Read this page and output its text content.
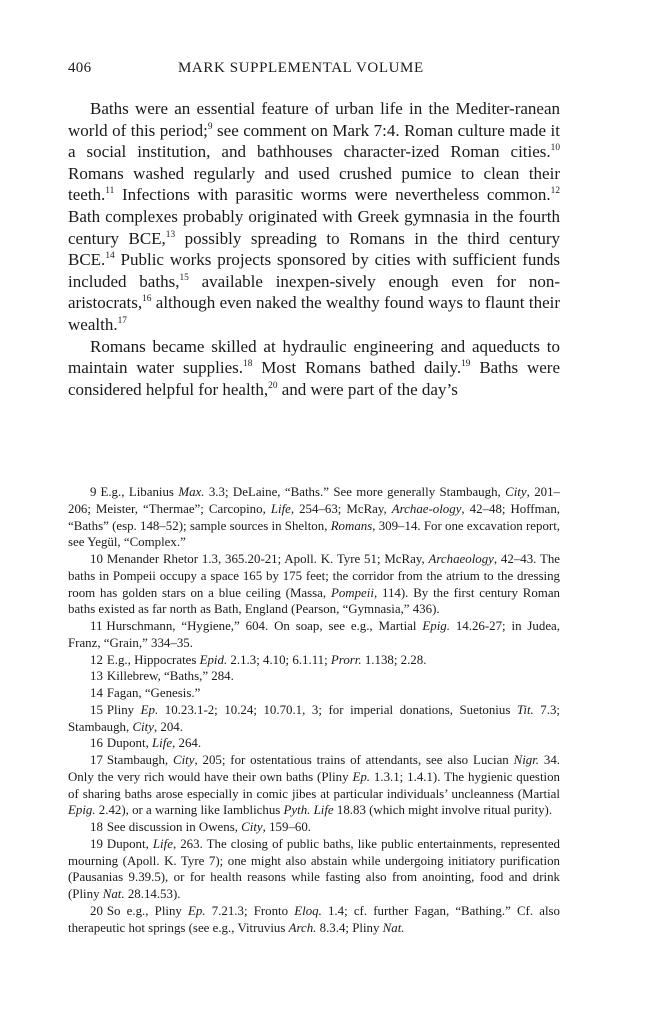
406	MARK SUPPLEMENTAL VOLUME

Baths were an essential feature of urban life in the Mediter-ranean world of this period;$^9$ see comment on Mark 7:4. Roman culture made it a social institution, and bathhouses character-ized Roman cities.$^{10}$ Romans washed regularly and used crushed pumice to clean their teeth.$^{11}$ Infections with parasitic worms were nevertheless common.$^{12}$ Bath complexes probably originated with Greek gymnasia in the fourth century BCE,$^{13}$ possibly spreading to Romans in the third century BCE.$^{14}$ Public works projects sponsored by cities with sufficient funds included baths,$^{15}$ available inexpen-sively enough even for non-aristocrats,$^{16}$ although even naked the wealthy found ways to flaunt their wealth.$^{17}$

Romans became skilled at hydraulic engineering and aqueducts to maintain water supplies.$^{18}$ Most Romans bathed daily.$^{19}$ Baths were considered helpful for health,$^{20}$ and were part of the day’s

9 E.g., Libanius Max. 3.3; DeLaine, “Baths.” See more generally Stambaugh, City, 201–206; Meister, “Thermae”; Carcopino, Life, 254–63; McRay, Archae-ology, 42–48; Hoffman, “Baths” (esp. 148–52); sample sources in Shelton, Romans, 309–14. For one excavation report, see Yegül, “Complex.”

10 Menander Rhetor 1.3, 365.20-21; Apoll. K. Tyre 51; McRay, Archaeology, 42–43. The baths in Pompeii occupy a space 165 by 175 feet; the corridor from the atrium to the dressing room has golden stars on a blue ceiling (Massa, Pompeii, 114). By the first century Roman baths existed as far north as Bath, England (Pearson, “Gymnasia,” 436).

11 Hurschmann, “Hygiene,” 604. On soap, see e.g., Martial Epig. 14.26-27; in Judea, Franz, “Grain,” 334–35.

12 E.g., Hippocrates Epid. 2.1.3; 4.10; 6.1.11; Prorr. 1.138; 2.28.

13 Killebrew, “Baths,” 284.

14 Fagan, “Genesis.”

15 Pliny Ep. 10.23.1-2; 10.24; 10.70.1, 3; for imperial donations, Suetonius Tit. 7.3; Stambaugh, City, 204.

16 Dupont, Life, 264.

17 Stambaugh, City, 205; for ostentatious trains of attendants, see also Lucian Nigr. 34. Only the very rich would have their own baths (Pliny Ep. 1.3.1; 1.4.1). The hygienic question of sharing baths arose especially in comic jibes at particular individuals’ uncleanness (Martial Epig. 2.42), or a warning like Iamblichus Pyth. Life 18.83 (which might involve ritual purity).

18 See discussion in Owens, City, 159–60.

19 Dupont, Life, 263. The closing of public baths, like public entertainments, represented mourning (Apoll. K. Tyre 7); one might also abstain while undergoing initiatory purification (Pausanias 9.39.5), or for health reasons while fasting also from anointing, food and drink (Pliny Nat. 28.14.53).

20 So e.g., Pliny Ep. 7.21.3; Fronto Eloq. 1.4; cf. further Fagan, “Bathing.” Cf. also therapeutic hot springs (see e.g., Vitruvius Arch. 8.3.4; Pliny Nat.
